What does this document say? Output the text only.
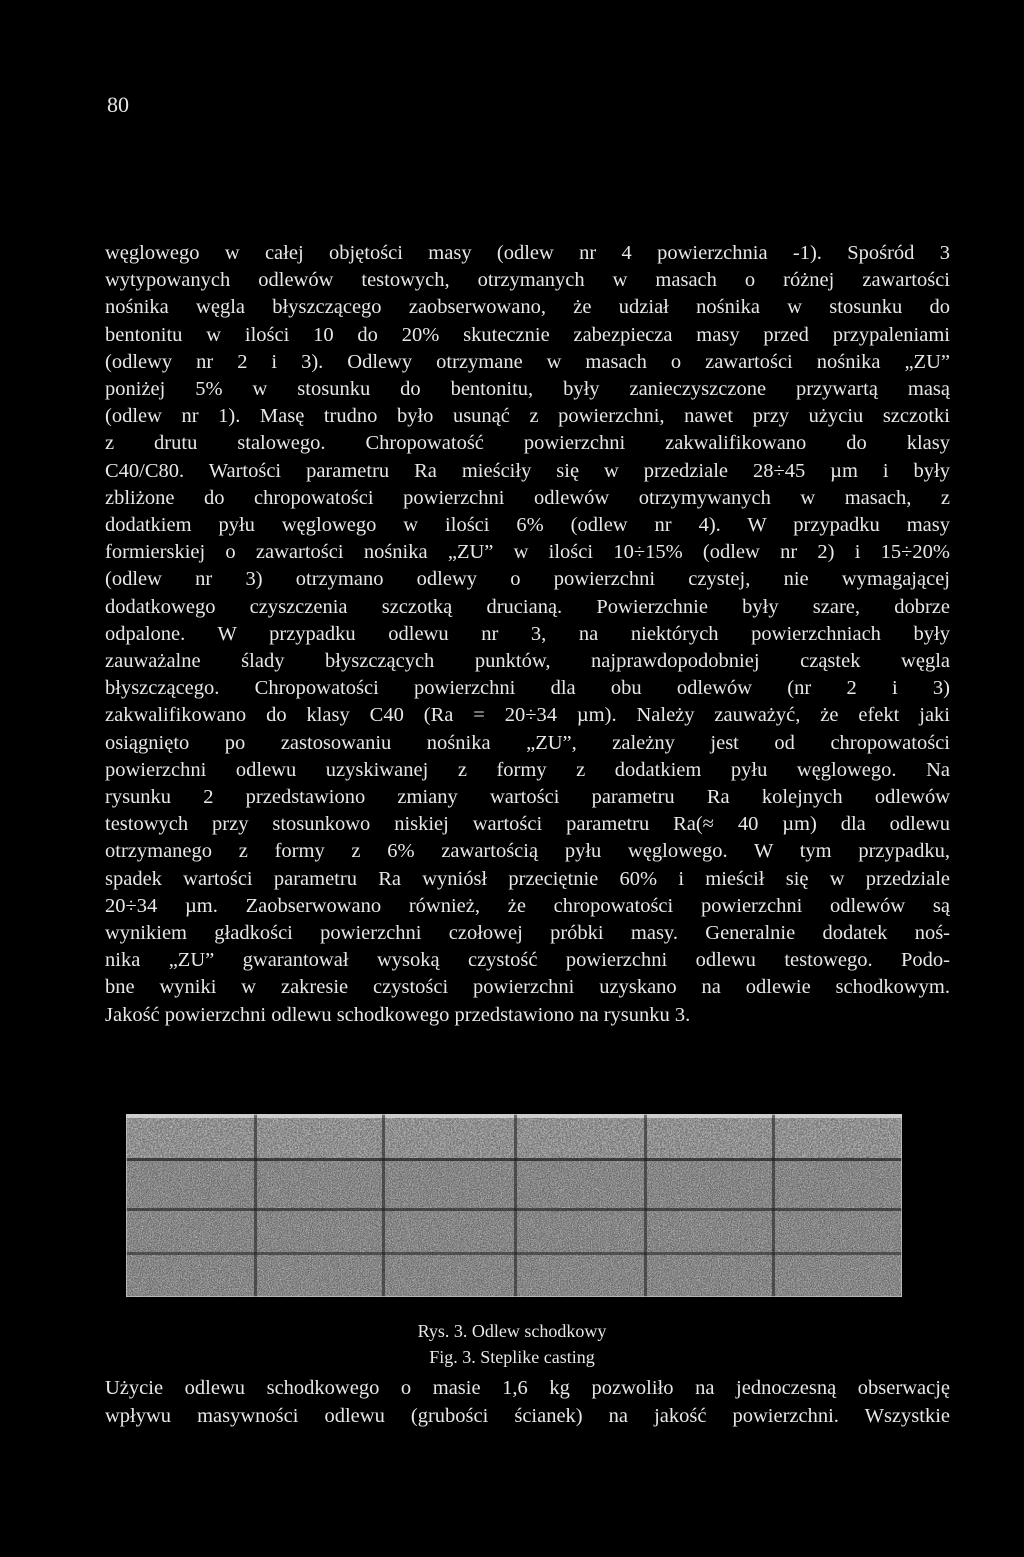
80
węglowego w całej objętości masy (odlew nr 4 powierzchnia -1). Spośród 3
wytypowanych odlewów testowych, otrzymanych w masach o różnej zawartości
nośnika węgla błyszczącego zaobserwowano, że udział nośnika w stosunku do
bentonitu w ilości 10 do 20% skutecznie zabezpiecza masy przed przypaleniami
(odlewy nr 2 i 3). Odlewy otrzymane w masach o zawartości nośnika „ZU”
poniżej 5% w stosunku do bentonitu, były zanieczyszczone przywartą masą
(odlew nr 1). Masę trudno było usunąć z powierzchni, nawet przy użyciu szczotki
z drutu stalowego. Chropowatość powierzchni zakwalifikowano do klasy
C40/C80. Wartości parametru Ra mieściły się w przedziale 28÷45 µm i były
zbliżone do chropowatości powierzchni odlewów otrzymywanych w masach, z
dodatkiem pyłu węglowego w ilości 6% (odlew nr 4). W przypadku masy
formierskiej o zawartości nośnika „ZU” w ilości 10÷15% (odlew nr 2) i 15÷20%
(odlew nr 3) otrzymano odlewy o powierzchni czystej, nie wymagającej
dodatkowego czyszczenia szczotką drucianą. Powierzchnie były szare, dobrze
odpalone. W przypadku odlewu nr 3, na niektórych powierzchniach były
zauważalne ślady błyszczących punktów, najprawdopodobniej cząstek węgla
błyszczącego. Chropowatości powierzchni dla obu odlewów (nr 2 i 3)
zakwalifikowano do klasy C40 (Ra = 20÷34 µm). Należy zauważyć, że efekt jaki
osiągnięto po zastosowaniu nośnika „ZU”, zależny jest od chropowatości
powierzchni odlewu uzyskiwanej z formy z dodatkiem pyłu węglowego. Na
rysunku 2 przedstawiono zmiany wartości parametru Ra kolejnych odlewów
testowych przy stosunkowo niskiej wartości parametru Ra(≈ 40 µm) dla odlewu
otrzymanego z formy z 6% zawartością pyłu węglowego. W tym przypadku,
spadek wartości parametru Ra wyniósł przeciętnie 60% i mieścił się w przedziale
20÷34 µm. Zaobserwowano również, że chropowatości powierzchni odlewów są
wynikiem gładkości powierzchni czołowej próbki masy. Generalnie dodatek noś-
nika „ZU” gwarantował wysoką czystość powierzchni odlewu testowego. Podo-
bne wyniki w zakresie czystości powierzchni uzyskano na odlewie schodkowym.
Jakość powierzchni odlewu schodkowego przedstawiono na rysunku 3.
Rys. 3. Odlew schodkowy
Fig. 3. Steplike casting
Użycie odlewu schodkowego o masie 1,6 kg pozwoliło na jednoczesną obserwację
wpływu masywności odlewu (grubości ścianek) na jakość powierzchni. Wszystkie
